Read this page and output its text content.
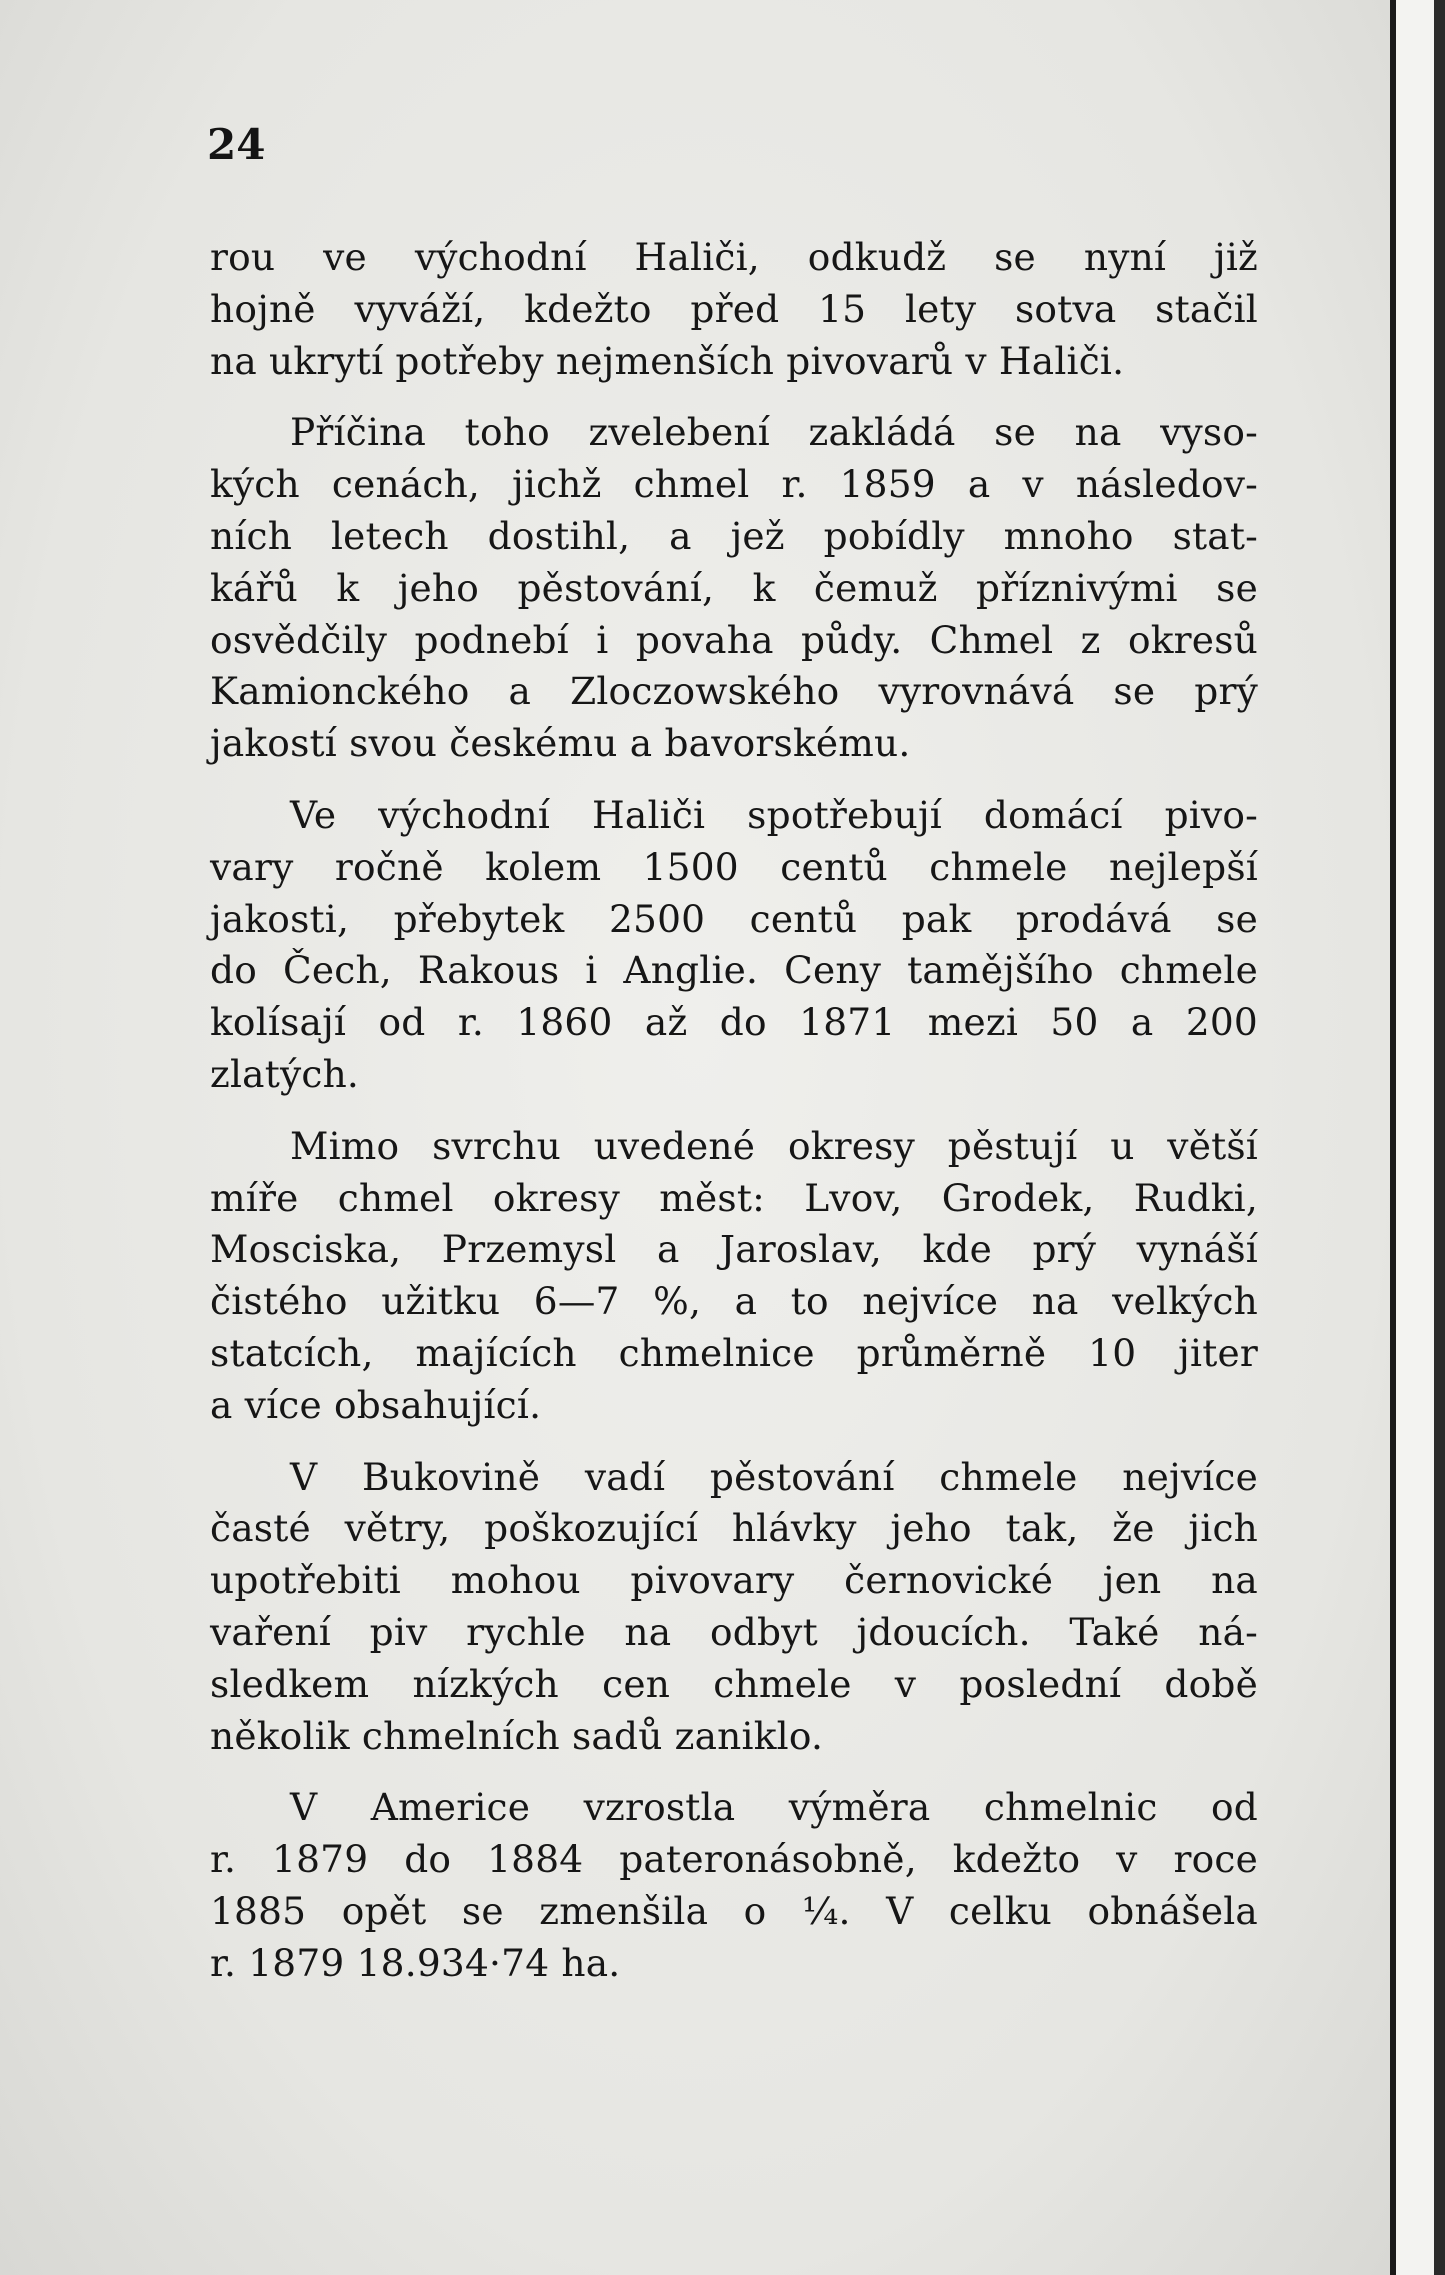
24
rou ve východní Haliči, odkudž se nyní již
hojně vyváží, kdežto před 15 lety sotva stačil
na ukrytí potřeby nejmenších pivovarů v Haliči.
Příčina toho zvelebení zakládá se na vyso-
kých cenách, jichž chmel r. 1859 a v následov-
ních letech dostihl, a jež pobídly mnoho stat-
kářů k jeho pěstování, k čemuž příznivými se
osvědčily podnebí i povaha půdy. Chmel z okresů
Kamionckého a Zloczowského vyrovnává se prý
jakostí svou českému a bavorskému.
Ve východní Haliči spotřebují domácí pivo-
vary ročně kolem 1500 centů chmele nejlepší
jakosti, přebytek 2500 centů pak prodává se
do Čech, Rakous i Anglie. Ceny tamějšího chmele
kolísají od r. 1860 až do 1871 mezi 50 a 200
zlatých.
Mimo svrchu uvedené okresy pěstují u větší
míře chmel okresy měst: Lvov, Grodek, Rudki,
Mosciska, Przemysl a Jaroslav, kde prý vynáší
čistého užitku 6—7 %, a to nejvíce na velkých
statcích, majících chmelnice průměrně 10 jiter
a více obsahující.
V Bukovině vadí pěstování chmele nejvíce
časté větry, poškozující hlávky jeho tak, že jich
upotřebiti mohou pivovary černovické jen na
vaření piv rychle na odbyt jdoucích. Také ná-
sledkem nízkých cen chmele v poslední době
několik chmelních sadů zaniklo.
V Americe vzrostla výměra chmelnic od
r. 1879 do 1884 pateronásobně, kdežto v roce
1885 opět se zmenšila o ¼. V celku obnášela
r. 1879 18.934·74 ha.
